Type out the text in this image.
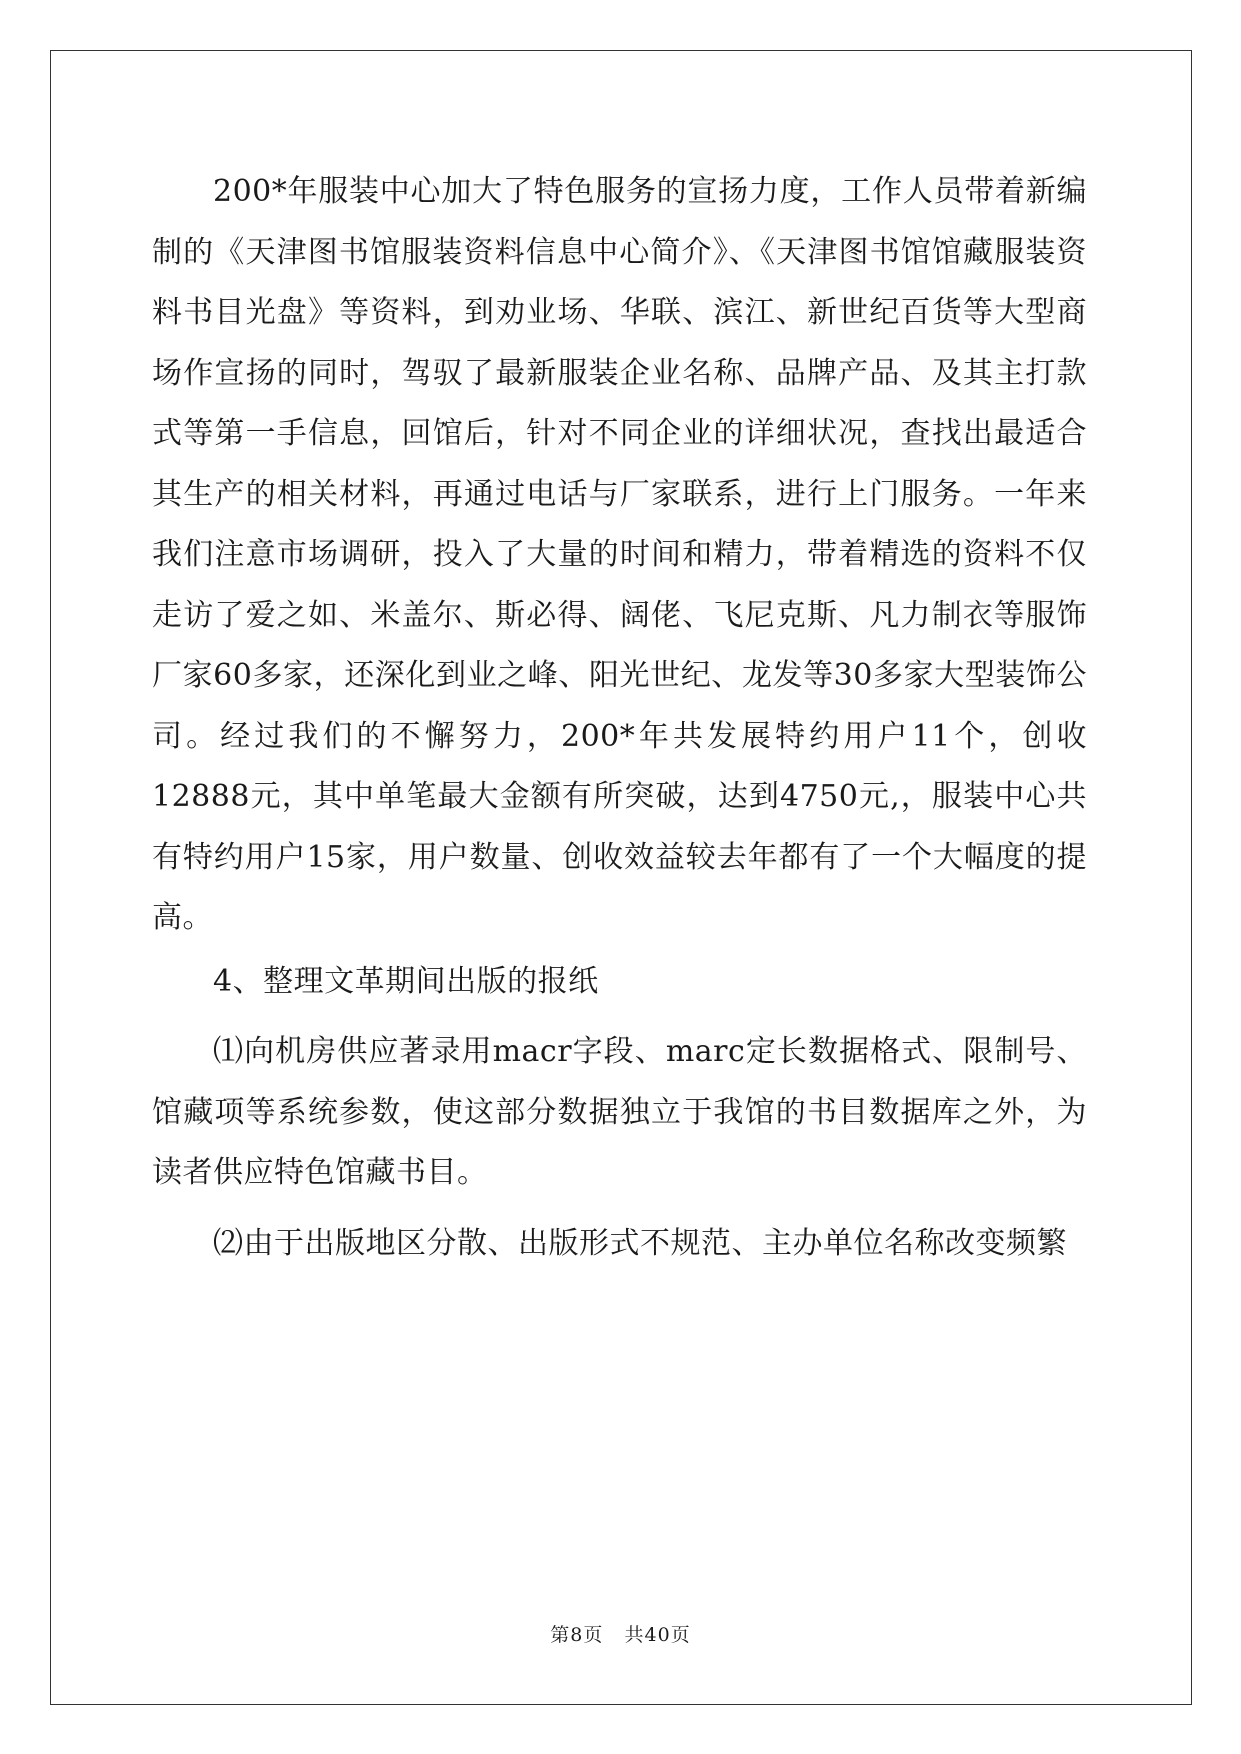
200*年服装中心加大了特色服务的宣扬力度，工作人员带着新编制的《天津图书馆服装资料信息中心简介》、《天津图书馆馆藏服装资料书目光盘》等资料，到劝业场、华联、滨江、新世纪百货等大型商场作宣扬的同时，驾驭了最新服装企业名称、品牌产品、及其主打款式等第一手信息，回馆后，针对不同企业的详细状况，查找出最适合其生产的相关材料，再通过电话与厂家联系，进行上门服务。一年来我们注意市场调研，投入了大量的时间和精力，带着精选的资料不仅走访了爱之如、米盖尔、斯必得、阔佬、飞尼克斯、凡力制衣等服饰厂家60多家，还深化到业之峰、阳光世纪、龙发等30多家大型装饰公司。经过我们的不懈努力，200*年共发展特约用户11个，创收12888元，其中单笔最大金额有所突破，达到4750元,，服装中心共有特约用户15家，用户数量、创收效益较去年都有了一个大幅度的提高。

4、整理文革期间出版的报纸

⑴向机房供应著录用macr字段、marc定长数据格式、限制号、馆藏项等系统参数，使这部分数据独立于我馆的书目数据库之外，为读者供应特色馆藏书目。

⑵由于出版地区分散、出版形式不规范、主办单位名称改变频繁

第8页 共40页
